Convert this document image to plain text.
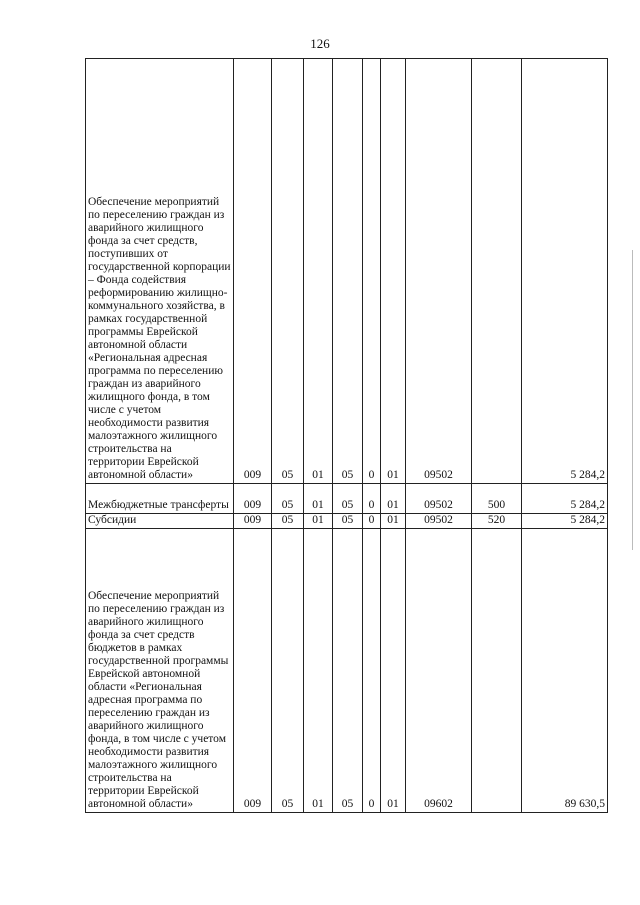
126
Обеспечение мероприятий по переселению граждан из аварийного жилищного фонда за счет средств, поступивших от государственной корпорации – Фонда содействия реформированию жилищно-коммунального хозяйства, в рамках государственной программы Еврейской автономной области «Региональная адресная программа по переселению граждан из аварийного жилищного фонда, в том числе с учетом необходимости развития малоэтажного жилищного строительства на территории Еврейской автономной области»	009	05	01	05	0	01	09502		5 284,2
Межбюджетные трансферты	009	05	01	05	0	01	09502	500	5 284,2
Субсидии	009	05	01	05	0	01	09502	520	5 284,2
Обеспечение мероприятий по переселению граждан из аварийного жилищного фонда за счет средств бюджетов в рамках государственной программы Еврейской автономной области «Региональная адресная программа по переселению граждан из аварийного жилищного фонда, в том числе с учетом необходимости развития малоэтажного жилищного строительства на территории Еврейской автономной области»	009	05	01	05	0	01	09602		89 630,5
